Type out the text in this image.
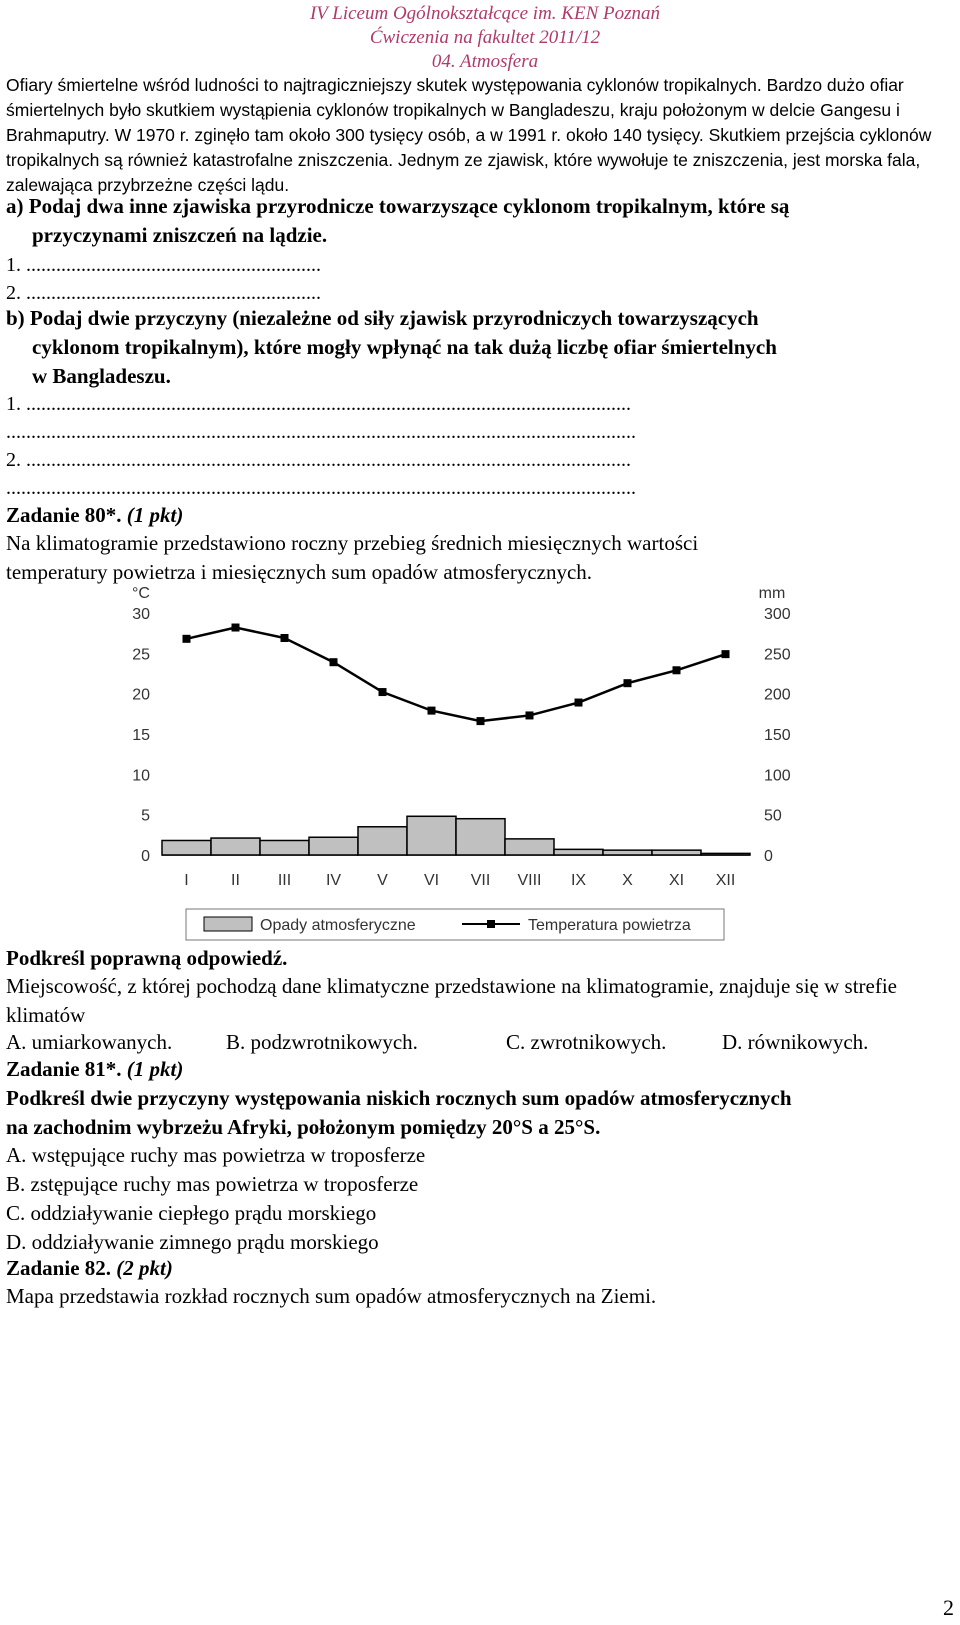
IV Liceum Ogólnokształcące im. KEN Poznań
Ćwiczenia na fakultet 2011/12
04. Atmosfera
Ofiary śmiertelne wśród ludności to najtragiczniejszy skutek występowania cyklonów tropikalnych. Bardzo dużo ofiar śmiertelnych było skutkiem wystąpienia cyklonów tropikalnych w Bangladeszu, kraju położonym w delcie Gangesu i Brahmaputry. W 1970 r. zginęło tam około 300 tysięcy osób, a w 1991 r. około 140 tysięcy. Skutkiem przejścia cyklonów tropikalnych są również katastrofalne zniszczenia. Jednym ze zjawisk, które wywołuje te zniszczenia, jest morska fala, zalewająca przybrzeżne części lądu.
a) Podaj dwa inne zjawiska przyrodnicze towarzyszące cyklonom tropikalnym, które są
przyczynami zniszczeń na lądzie.
1. ...........................................................
2. ...........................................................
b) Podaj dwie przyczyny (niezależne od siły zjawisk przyrodniczych towarzyszących
cyklonom tropikalnym), które mogły wpłynąć na tak dużą liczbę ofiar śmiertelnych
w Bangladeszu.
1. .........................................................................................................................
..............................................................................................................................
2. .........................................................................................................................
..............................................................................................................................
Zadanie 80*. (1 pkt)
Na klimatogramie przedstawiono roczny przebieg średnich miesięcznych wartości
temperatury powietrza i miesięcznych sum opadów atmosferycznych.
°C
0
5
10
15
20
25
30
mm
0
50
100
150
200
250
300
I	II III IV V VI VII VIII IX X XI XII
Opady atmosferyczne	Temperatura powietrza
Podkreśl poprawną odpowiedź.
Miejscowość, z której pochodzą dane klimatyczne przedstawione na klimatogramie, znajduje się w strefie klimatów
A. umiarkowanych.	B. podzwrotnikowych.	C. zwrotnikowych.	D. równikowych.
Zadanie 81*. (1 pkt)
Podkreśl dwie przyczyny występowania niskich rocznych sum opadów atmosferycznych
na zachodnim wybrzeżu Afryki, położonym pomiędzy 20°S a 25°S.
A. wstępujące ruchy mas powietrza w troposferze
B. zstępujące ruchy mas powietrza w troposferze
C. oddziaływanie ciepłego prądu morskiego
D. oddziaływanie zimnego prądu morskiego
Zadanie 82. (2 pkt)
Mapa przedstawia rozkład rocznych sum opadów atmosferycznych na Ziemi.
2
